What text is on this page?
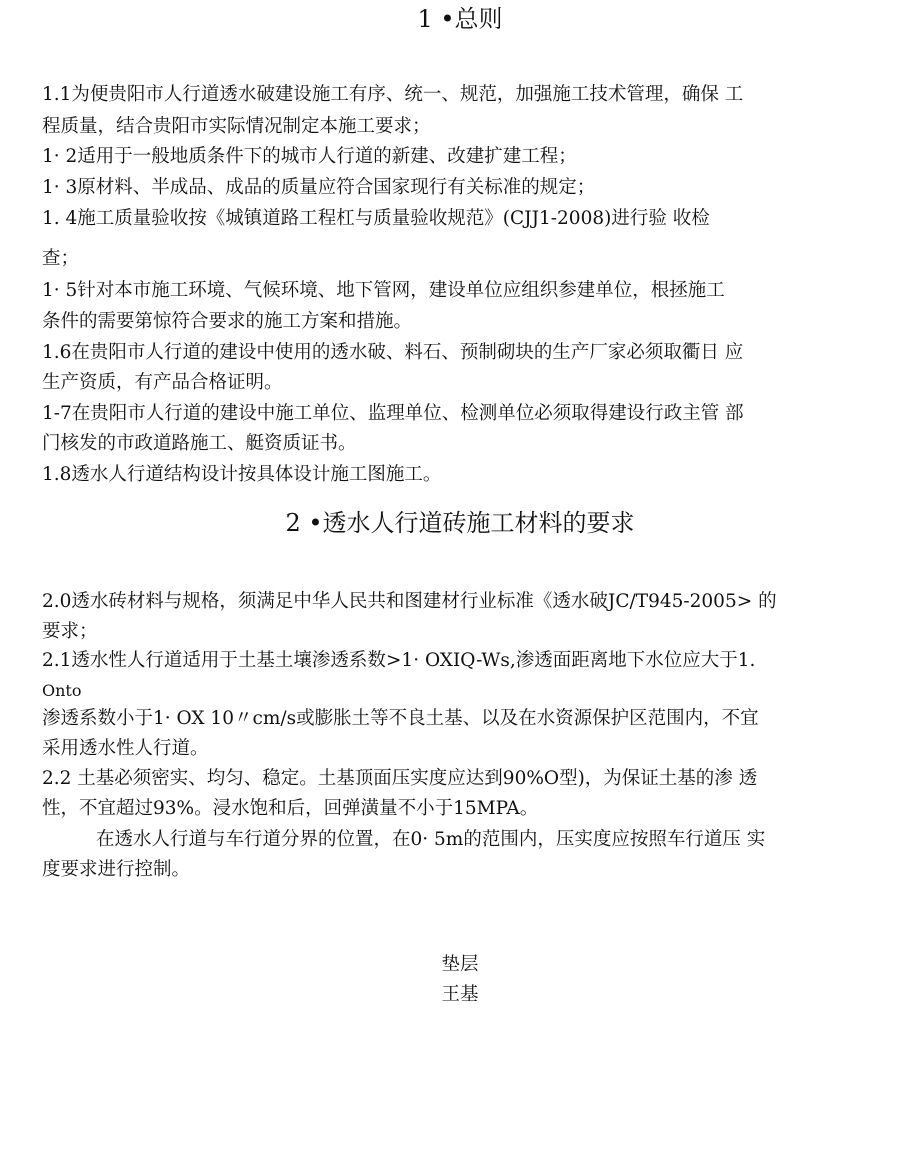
1 •总则
1.1为便贵阳市人行道透水破建设施工有序、统一、规范，加强施工技术管理，确保 工
程质量，结合贵阳市实际情况制定本施工要求；
1· 2适用于一般地质条件下的城市人行道的新建、改建扩建工程；
1· 3原材料、半成品、成品的质量应符合国家现行有关标准的规定；
1. 4施工质量验收按《城镇道路工程杠与质量验收规范》(CJJ1-2008)进行验 收检
查；
1· 5针对本市施工环境、气候环境、地下管网，建设单位应组织参建单位，根拯施工
条件的需要第惊符合要求的施工方案和措施。
1.6在贵阳市人行道的建设中使用的透水破、料石、预制砌块的生产厂家必须取衢日 应
生产资质，有产品合格证明。
1-7在贵阳市人行道的建设中施工单位、监理单位、检测单位必须取得建设行政主管 部
门核发的市政道路施工、艇资质证书。
1.8透水人行道结构设计按具体设计施工图施工。
2 •透水人行道砖施工材料的要求
2.0透水砖材料与规格，须满足中华人民共和图建材行业标准《透水破JC/T945-2005> 的
要求；
2.1透水性人行道适用于土基土壤渗透系数>1· OXIQ-Ws,渗透面距离地下水位应大于1.
Onto
渗透系数小于1· OX 10〃cm/s或膨胀土等不良土基、以及在水资源保护区范围内，不宜
采用透水性人行道。
2.2 土基必须密实、均匀、稳定。土基顶面压实度应达到90%O型)，为保证土基的渗 透
性，不宜超过93%。浸水饱和后，回弹潢量不小于15MPA。
在透水人行道与车行道分界的位置，在0· 5m的范围内，压实度应按照车行道压 实
度要求进行控制。
垫层
王基
